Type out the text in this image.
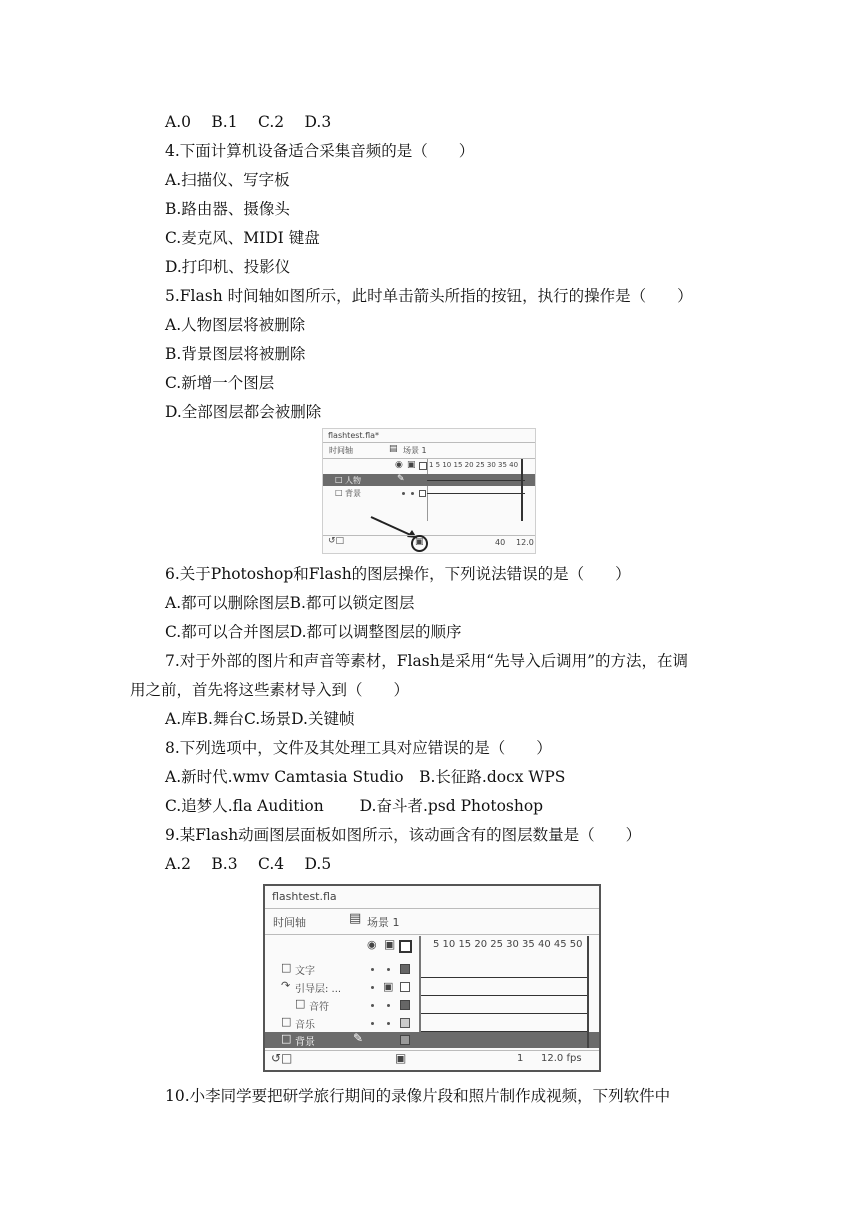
A.0　 B.1　 C.2　 D.3
4.下面计算机设备适合采集音频的是（　　）
A.扫描仪、写字板
B.路由器、摄像头
C.麦克风、MIDI 键盘
D.打印机、投影仪
5.Flash 时间轴如图所示，此时单击箭头所指的按钮，执行的操作是（　　）
A.人物图层将被删除
B.背景图层将被删除
C.新增一个图层
D.全部图层都会被删除
flashtest.fla*
时间轴	▤ 场景 1
◉ ▣ 1 5 10 15 20 25 30 35 40
□ 人物	✎
□ 背景
↺□	▣	40 12.0
6.关于Photoshop和Flash的图层操作，下列说法错误的是（　　）
A.都可以删除图层B.都可以锁定图层
C.都可以合并图层D.都可以调整图层的顺序
7.对于外部的图片和声音等素材，Flash是采用“先导入后调用”的方法，在调
用之前，首先将这些素材导入到（　　）
A.库B.舞台C.场景D.关键帧
8.下列选项中，文件及其处理工具对应错误的是（　　）
A.新时代.wmv Camtasia Studio　B.长征路.docx WPS
C.追梦人.fla Audition　　 D.奋斗者.psd Photoshop
9.某Flash动画图层面板如图所示，该动画含有的图层数量是（　　）
A.2　 B.3　 C.4　 D.5
flashtest.fla
时间轴	▤ 场景 1
◉ ▣	5 10 15 20 25 30 35 40 45 50
□ 文字
↷ 引导层: ...	▣
□ 音符
□ 音乐
□ 背景	✎
↺□	▣	1 12.0 fps
10.小李同学要把研学旅行期间的录像片段和照片制作成视频，下列软件中
